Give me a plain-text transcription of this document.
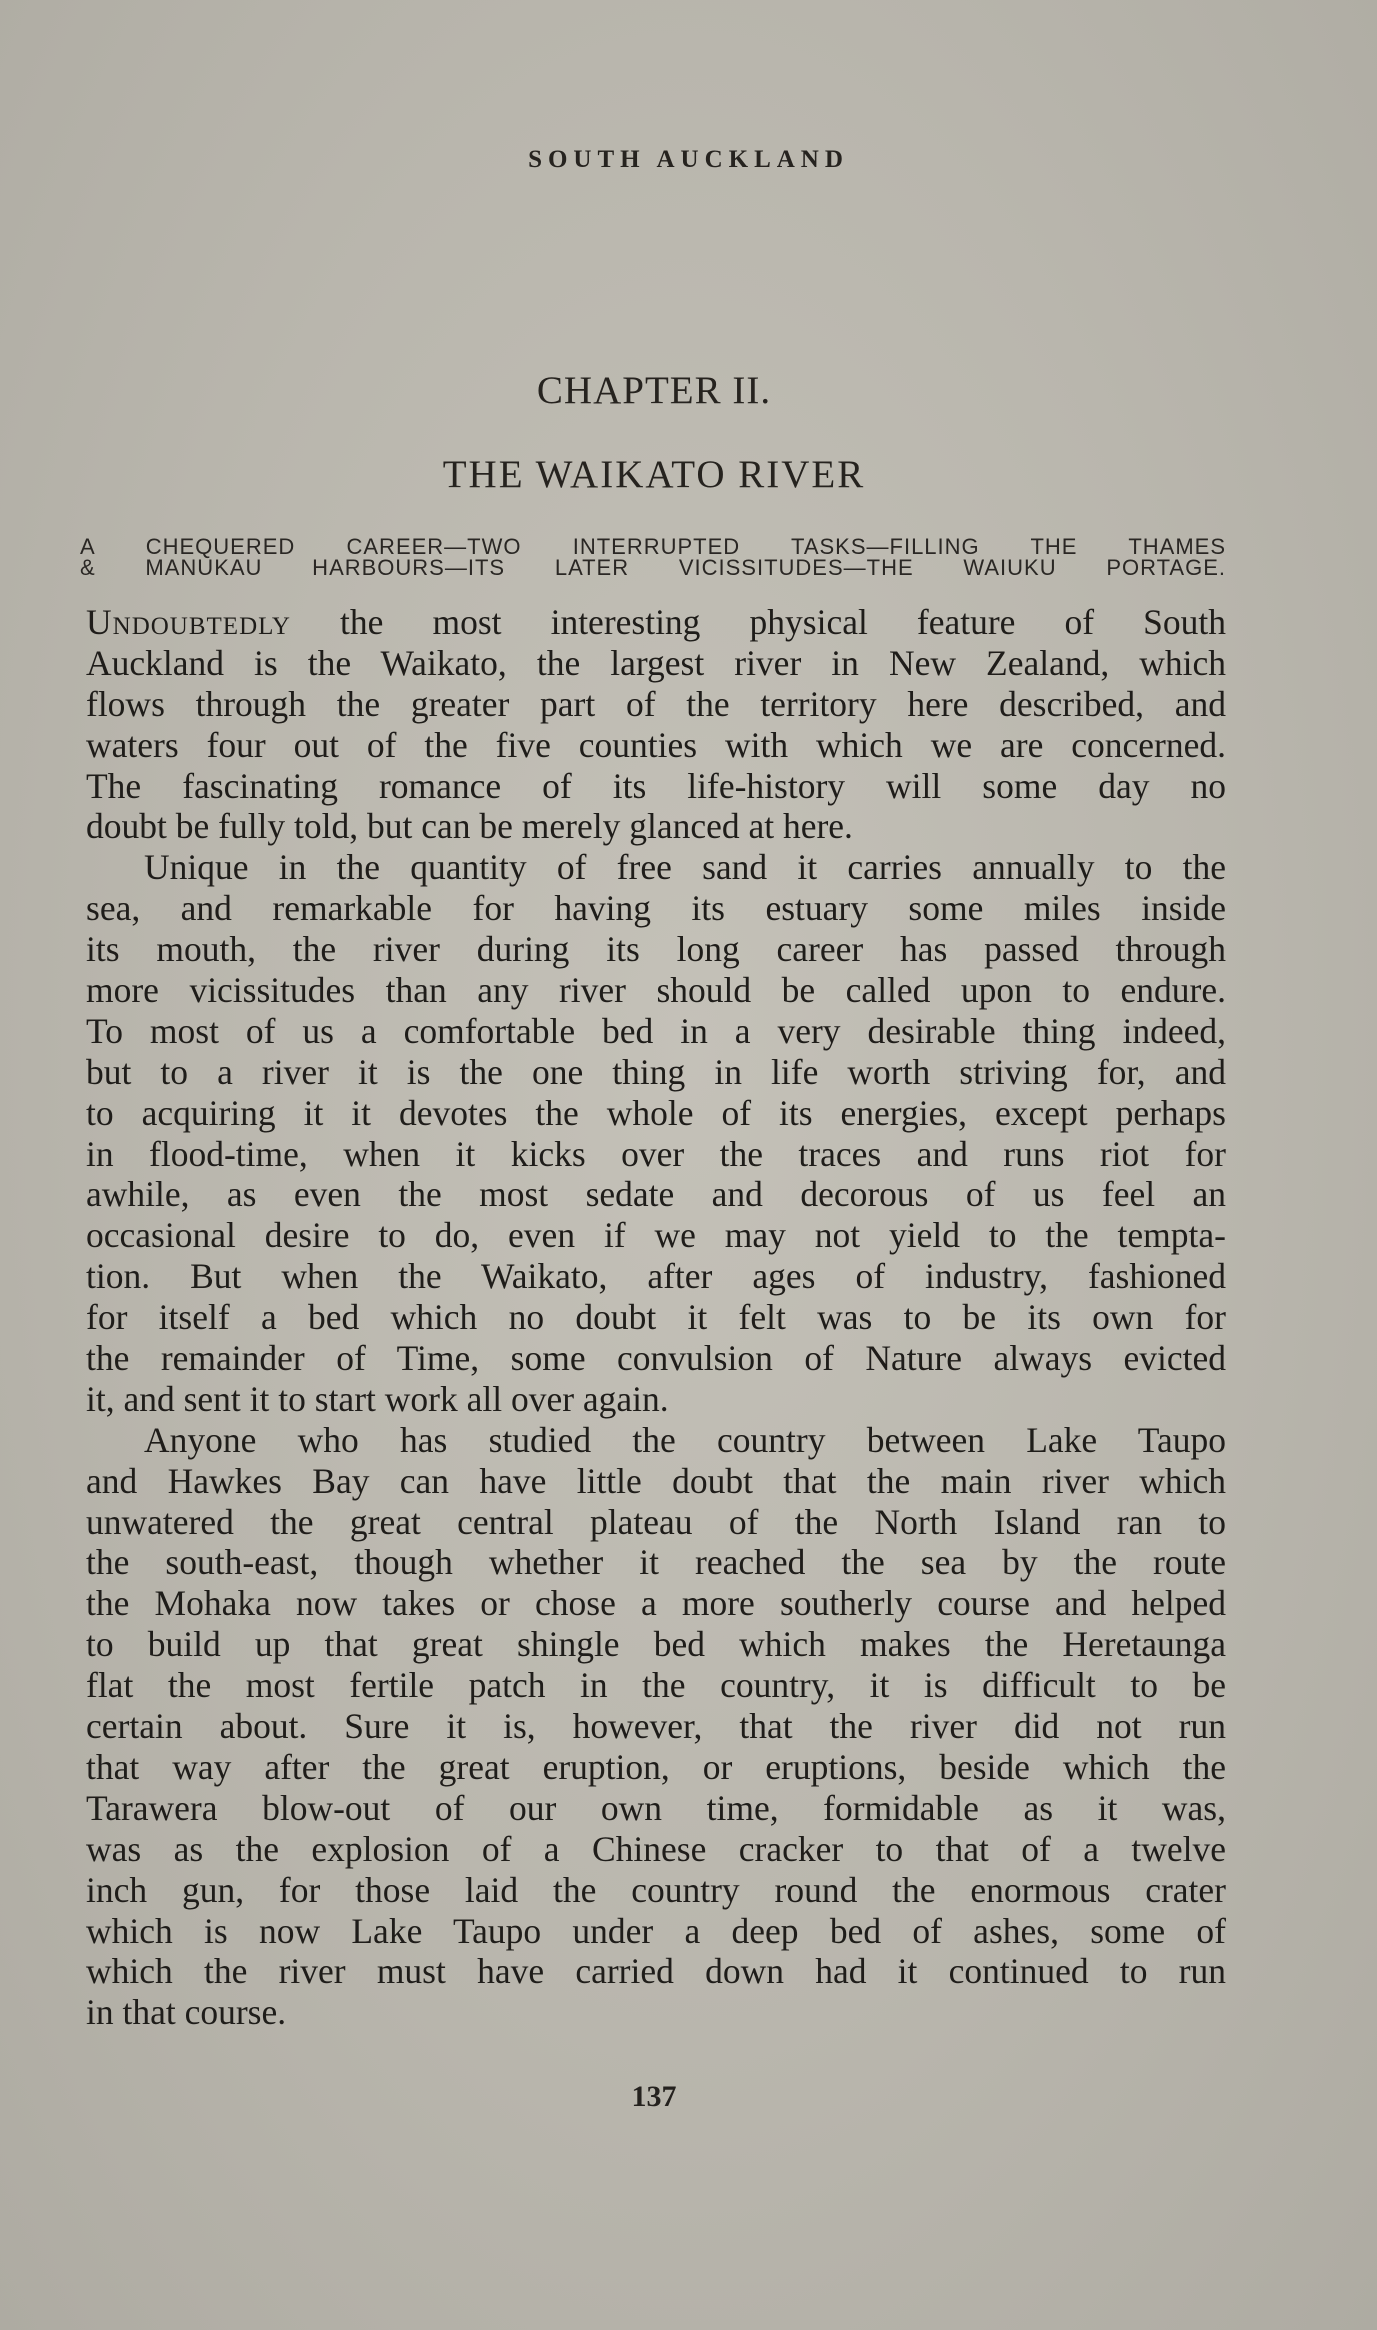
SOUTH AUCKLAND
CHAPTER II.
THE WAIKATO RIVER
A CHEQUERED CAREER—TWO INTERRUPTED TASKS—FILLING THE THAMES
& MANUKAU HARBOURS—ITS LATER VICISSITUDES—THE WAIUKU PORTAGE.

Undoubtedly the most interesting physical feature of South
Auckland is the Waikato, the largest river in New Zealand, which
flows through the greater part of the territory here described, and
waters four out of the five counties with which we are concerned.
The fascinating romance of its life-history will some day no
doubt be fully told, but can be merely glanced at here.

Unique in the quantity of free sand it carries annually to the
sea, and remarkable for having its estuary some miles inside
its mouth, the river during its long career has passed through
more vicissitudes than any river should be called upon to endure.
To most of us a comfortable bed in a very desirable thing indeed,
but to a river it is the one thing in life worth striving for, and
to acquiring it it devotes the whole of its energies, except perhaps
in flood-time, when it kicks over the traces and runs riot for
awhile, as even the most sedate and decorous of us feel an
occasional desire to do, even if we may not yield to the tempta-
tion. But when the Waikato, after ages of industry, fashioned
for itself a bed which no doubt it felt was to be its own for
the remainder of Time, some convulsion of Nature always evicted
it, and sent it to start work all over again.

Anyone who has studied the country between Lake Taupo
and Hawkes Bay can have little doubt that the main river which
unwatered the great central plateau of the North Island ran to
the south-east, though whether it reached the sea by the route
the Mohaka now takes or chose a more southerly course and helped
to build up that great shingle bed which makes the Heretaunga
flat the most fertile patch in the country, it is difficult to be
certain about. Sure it is, however, that the river did not run
that way after the great eruption, or eruptions, beside which the
Tarawera blow-out of our own time, formidable as it was,
was as the explosion of a Chinese cracker to that of a twelve
inch gun, for those laid the country round the enormous crater
which is now Lake Taupo under a deep bed of ashes, some of
which the river must have carried down had it continued to run
in that course.

137
